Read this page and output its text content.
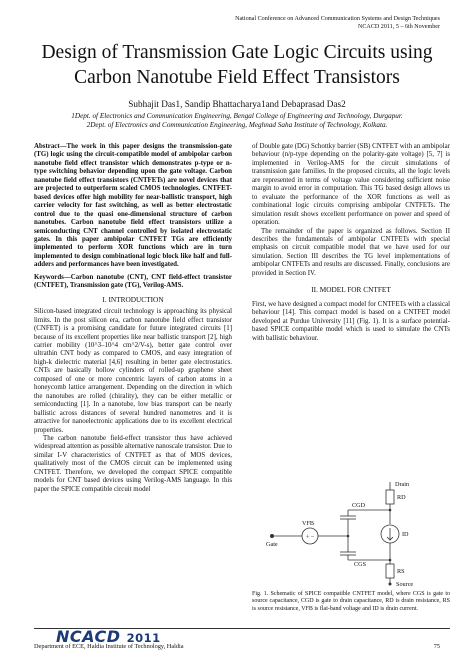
National Conference on Advanced Communication Systems and Design Techniques
NCACD 2011, 5 – 6th November
Design of Transmission Gate Logic Circuits using
Carbon Nanotube Field Effect Transistors
Subhajit Das1, Sandip Bhattacharya1and Debaprasad Das2
1Dept. of Electronics and Communication Engineering, Bengal College of Engineering and Technology, Durgapur.
2Dept. of Electronics and Communication Engineering, Meghnad Saha Institute of Technology, Kolkata.

Abstract—The work in this paper designs the transmission-gate (TG) logic using the circuit-compatible model of ambipolar carbon nanotube field effect transistor which demonstrates p-type or n-type switching behavior depending upon the gate voltage. Carbon nanotube field effect transistors (CNTFETs) are novel devices that are projected to outperform scaled CMOS technologies. CNTFET-based devices offer high mobility for near-ballistic transport, high carrier velocity for fast switching, as well as better electrostatic control due to the quasi one-dimensional structure of carbon nanotubes. Carbon nanotube field effect transistors utilize a semiconducting CNT channel controlled by isolated electrostatic gates. In this paper ambipolar CNTFET TGs are efficiently implemented to perform XOR functions which are in turn implemented to design combinational logic block like half and full-adders and performances have been investigated.

Keywords—Carbon nanotube (CNT), CNT field-effect transistor (CNTFET), Transmission gate (TG), Verilog-AMS.

I. INTRODUCTION

Silicon-based integrated circuit technology is approaching its physical limits. In the post silicon era, carbon nanotube field effect transistor (CNFET) is a promising candidate for future integrated circuits [1] because of its excellent properties like near ballistic transport [2], high carrier mobility (10^3–10^4 cm^2/V-s), better gate control over ultrathin CNT body as compared to CMOS, and easy integration of high-k dielectric material [4,6] resulting in better gate electrostatics. CNTs are basically hollow cylinders of rolled-up graphene sheet composed of one or more concentric layers of carbon atoms in a honeycomb lattice arrangement. Depending on the direction in which the nanotubes are rolled (chirality), they can be either metallic or semiconducting [1]. In a nanotube, low bias transport can be nearly ballistic across distances of several hundred nanometres and it is attractive for nanoelectronic applications due to its excellent electrical properties.

The carbon nanotube field-effect transistor thus have achieved widespread attention as possible alternative nanoscale transistor. Due to similar I-V characteristics of CNTFET as that of MOS devices, qualitatively most of the CMOS circuit can be implemented using CNTFET. Therefore, we developed the compact SPICE compatible models for CNT based devices using Verilog-AMS language. In this paper the SPICE compatible circuit model

of Double gate (DG) Schottky barrier (SB) CNTFET with an ambipolar behaviour (n/p-type depending on the polarity-gate voltage) [5, 7] is implemented in Verilog-AMS for the circuit simulations of transmission gate families. In the proposed circuits, all the logic levels are represented in terms of voltage value considering sufficient noise margin to avoid error in computation. This TG based design allows us to evaluate the performance of the XOR functions as well as combinational logic circuits comprising ambipolar CNTFETs. The simulation result shows excellent performance on power and speed of operation.

The remainder of the paper is organized as follows. Section II describes the fundamentals of ambipolar CNTFETs with special emphasis on circuit compatible model that we have used for our simulation. Section III describes the TG level implementations of ambipolar CNTFETs and results are discussed. Finally, conclusions are provided in Section IV.

II. MODEL FOR CNTFET

First, we have designed a compact model for CNTFETs with a classical behaviour [14]. This compact model is based on a CNTFET model developed at Purdue University [11] (Fig. 1). It is a surface potential-based SPICE compatible model which is used to simulate the CNTs with ballistic behaviour.

+ −
Drain
RD
CGD
VFB
ID
Gate
CGS
RS
Source
Fig. 1. Schematic of SPICE compatible CNTFET model, where CGS is gate to source capacitance, CGD is gate to drain capacitance, RD is drain resistance, RS is source resistance, VFB is flat-band voltage and ID is drain current.
NCACD 2011
Department of ECE, Haldia Institute of Technology, Haldia	75
